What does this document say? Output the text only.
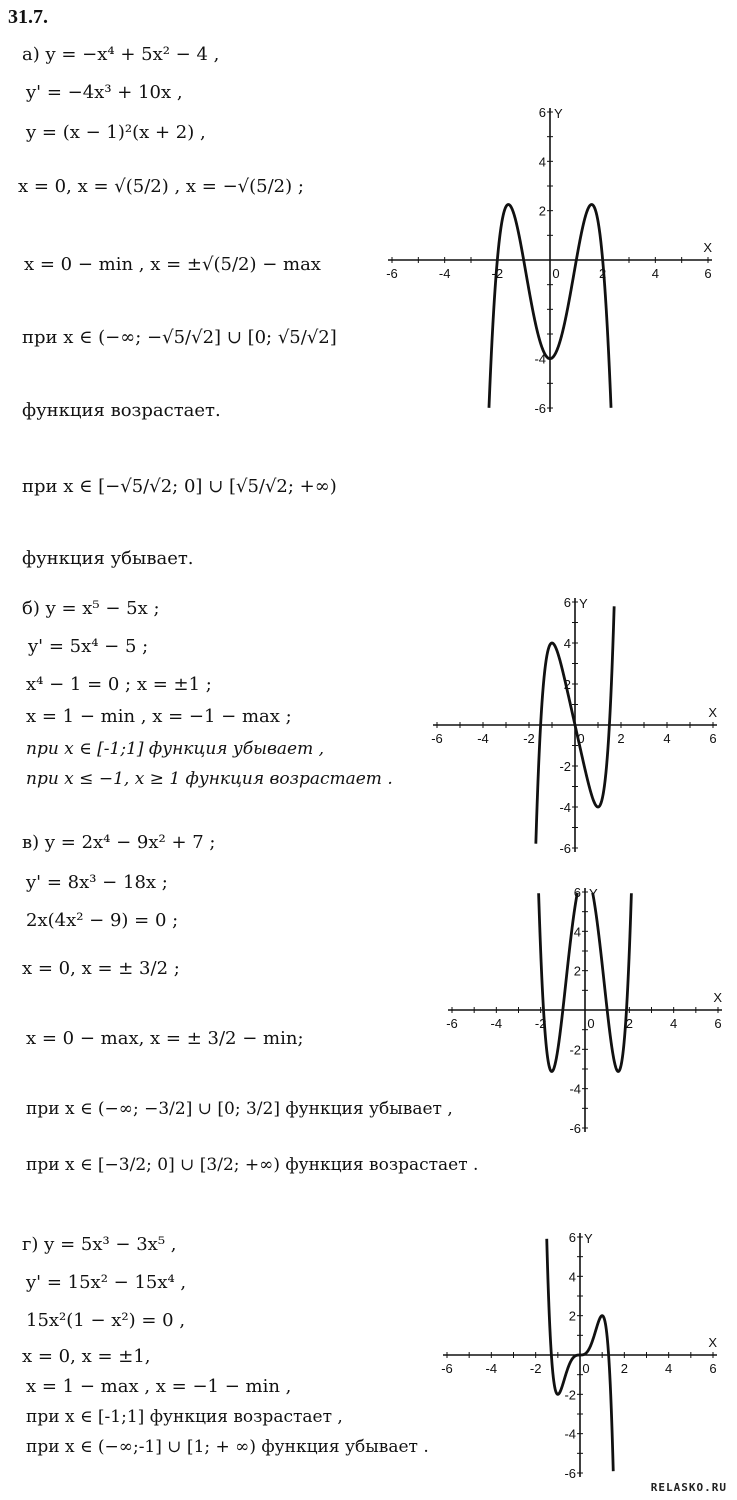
31.7.
а) y = −x⁴ + 5x² − 4 ,
y' = −4x³ + 10x ,
y = (x − 1)²(x + 2) ,
x = 0, x = √(5/2) , x = −√(5/2) ;
x = 0 − min , x = ±√(5/2) − max
при x ∈ (−∞; −√5/√2] ∪ [0; √5/√2]
функция возрастает.
при x ∈ [−√5/√2; 0] ∪ [√5/√2; +∞)
функция убывает.
б) y = x⁵ − 5x ;
y' = 5x⁴ − 5 ;
x⁴ − 1 = 0 ; x = ±1 ;
x = 1 − min , x = −1 − max ;
при x ∈ [-1;1] функция убывает ,
при x ≤ −1, x ≥ 1 функция возрастает .
в) y = 2x⁴ − 9x² + 7 ;
y' = 8x³ − 18x ;
2x(4x² − 9) = 0 ;
x = 0, x = ± 3/2 ;
x = 0 − max, x = ± 3/2 − min;
при x ∈ (−∞; −3/2] ∪ [0; 3/2] функция убывает ,
при x ∈ [−3/2; 0] ∪ [3/2; +∞) функция возрастает .
г) y = 5x³ − 3x⁵ ,
y' = 15x² − 15x⁴ ,
15x²(1 − x²) = 0 ,
x = 0, x = ±1,
x = 1 − max , x = −1 − min ,
при x ∈ [-1;1] функция возрастает ,
при x ∈ (−∞;-1] ∪ [1; + ∞) функция убывает .
-6	-4	-2	0	2	4	6
6
4
2
-4
-6
X
Y
-6	-4	-2	0	2	4	6
6
4
2
-2
-4
-6
X
Y
-6	-4	-2	0 2	4	6
6
4
2
-2
-4
-6
X
Y
-6	-4	-2	0 2	4	6
6
4
2
-2
-4
-6
X
Y
RELASKO.RU
